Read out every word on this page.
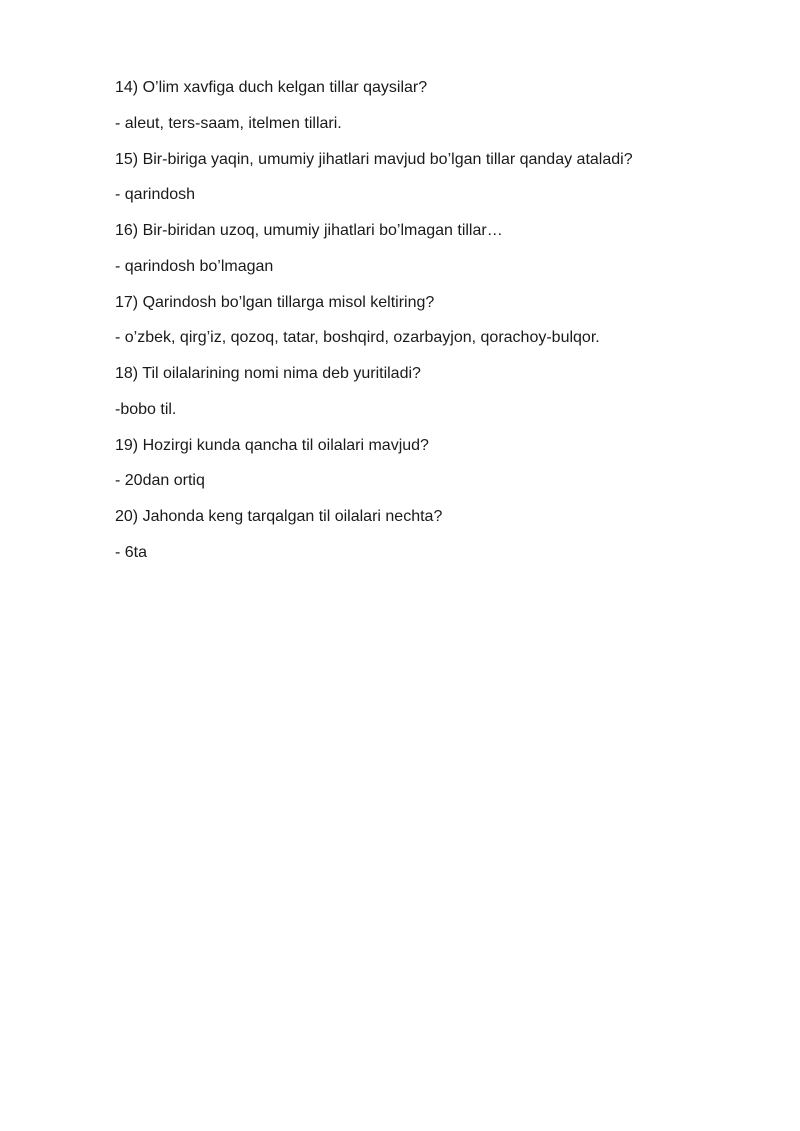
14) O’lim xavfiga duch kelgan tillar qaysilar?

- aleut, ters-saam, itelmen tillari.

15) Bir-biriga yaqin, umumiy jihatlari mavjud bo’lgan tillar qanday ataladi?

- qarindosh

16) Bir-biridan uzoq, umumiy jihatlari bo’lmagan tillar…

- qarindosh bo’lmagan

17) Qarindosh bo’lgan tillarga misol keltiring?

- o’zbek, qirg’iz, qozoq, tatar, boshqird, ozarbayjon, qorachoy-bulqor.

18) Til oilalarining nomi nima deb yuritiladi?

-bobo til.

19) Hozirgi kunda qancha til oilalari mavjud?

- 20dan ortiq

20) Jahonda keng tarqalgan til oilalari nechta?

- 6ta
